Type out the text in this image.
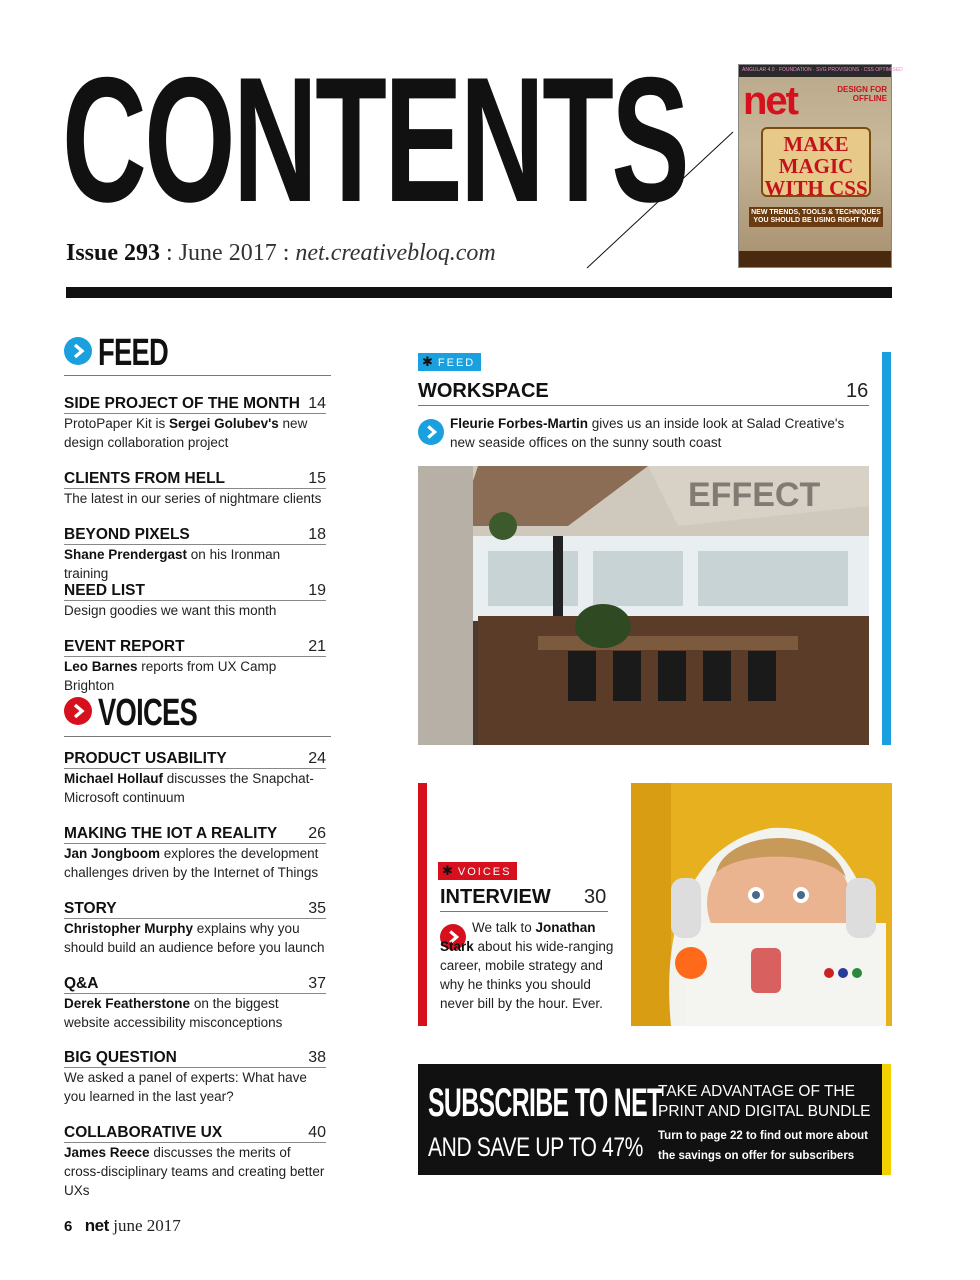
CONTENTS
Issue 293 : June 2017 : net.creativebloq.com
ANGULAR 4.0 · FOUNDATION · SVG PROVISIONS · CSS OPTIMISED
net	DESIGN FOR OFFLINE
MAKE MAGIC WITH CSS
NEW TRENDS, TOOLS & TECHNIQUES YOU SHOULD BE USING RIGHT NOW
FEED
SIDE PROJECT OF THE MONTH 14
ProtoPaper Kit is Sergei Golubev's new design collaboration project
CLIENTS FROM HELL	15
The latest in our series of nightmare clients
BEYOND PIXELS	18
Shane Prendergast on his Ironman training
NEED LIST	19
Design goodies we want this month
EVENT REPORT	21
Leo Barnes reports from UX Camp Brighton
VOICES
PRODUCT USABILITY	24
Michael Hollauf discusses the Snapchat-Microsoft continuum
MAKING THE IOT A REALITY 26
Jan Jongboom explores the development challenges driven by the Internet of Things
STORY	35
Christopher Murphy explains why you should build an audience before you launch
Q&A	37
Derek Featherstone on the biggest website accessibility misconceptions
BIG QUESTION	38
We asked a panel of experts: What have you learned in the last year?
COLLABORATIVE UX	40
James Reece discusses the merits of cross-disciplinary teams and creating better UXs
✱ FEED
WORKSPACE	16
Fleurie Forbes-Martin gives us an inside look at Salad Creative's new seaside offices on the sunny south coast
EFFECT
✱ VOICES
INTERVIEW 30
We talk to Jonathan Stark about his wide-ranging career, mobile strategy and why he thinks you should never bill by the hour. Ever.
SUBSCRIBE TO NET
AND SAVE UP TO 47%
TAKE ADVANTAGE OF THE PRINT AND DIGITAL BUNDLE
Turn to page 22 to find out more about the savings on offer for subscribers
6 net june 2017
